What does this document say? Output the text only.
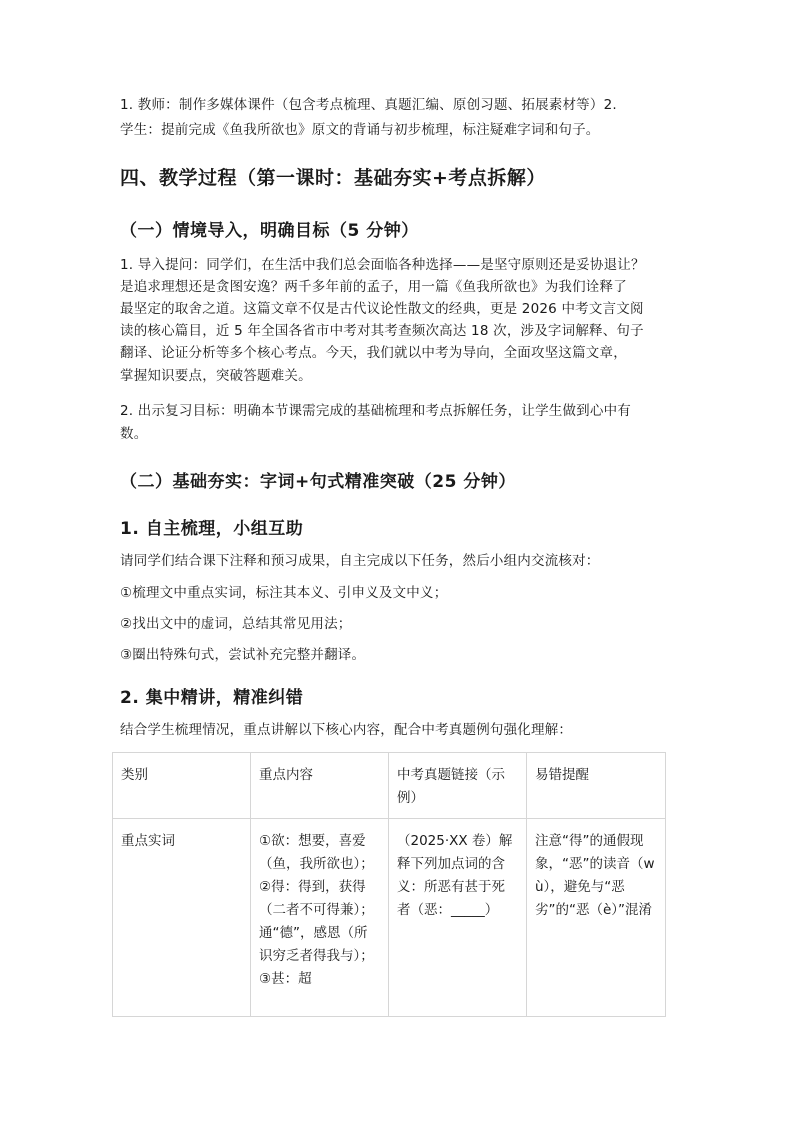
1. 教师：制作多媒体课件（包含考点梳理、真题汇编、原创习题、拓展素材等）2.

学生：提前完成《鱼我所欲也》原文的背诵与初步梳理，标注疑难字词和句子。

四、教学过程（第一课时：基础夯实+考点拆解）
（一）情境导入，明确目标（5 分钟）

1. 导入提问：同学们，在生活中我们总会面临各种选择——是坚守原则还是妥协退让？

是追求理想还是贪图安逸？两千多年前的孟子，用一篇《鱼我所欲也》为我们诠释了

最坚定的取舍之道。这篇文章不仅是古代议论性散文的经典，更是 2026 中考文言文阅

读的核心篇目，近 5 年全国各省市中考对其考查频次高达 18 次，涉及字词解释、句子

翻译、论证分析等多个核心考点。今天，我们就以中考为导向，全面攻坚这篇文章，

掌握知识要点，突破答题难关。

2. 出示复习目标：明确本节课需完成的基础梳理和考点拆解任务，让学生做到心中有

数。

（二）基础夯实：字词+句式精准突破（25 分钟）
1. 自主梳理，小组互助

请同学们结合课下注释和预习成果，自主完成以下任务，然后小组内交流核对：

①梳理文中重点实词，标注其本义、引申义及文中义；

②找出文中的虚词，总结其常见用法；

③圈出特殊句式，尝试补充完整并翻译。

2. 集中精讲，精准纠错

结合学生梳理情况，重点讲解以下核心内容，配合中考真题例句强化理解：

类别	重点内容	中考真题链接（示例）	易错提醒
重点实词	①欲：想要，喜爱（鱼，我所欲也）；②得：得到，获得（二者不可得兼）；通“德”，感恩（所识穷乏者得我与）；③甚：超	（2025·XX 卷）解释下列加点词的含义：所恶有甚于死者（恶：_____）	注意“得”的通假现象，“恶”的读音（wù），避免与“恶劣”的“恶（è）”混淆
